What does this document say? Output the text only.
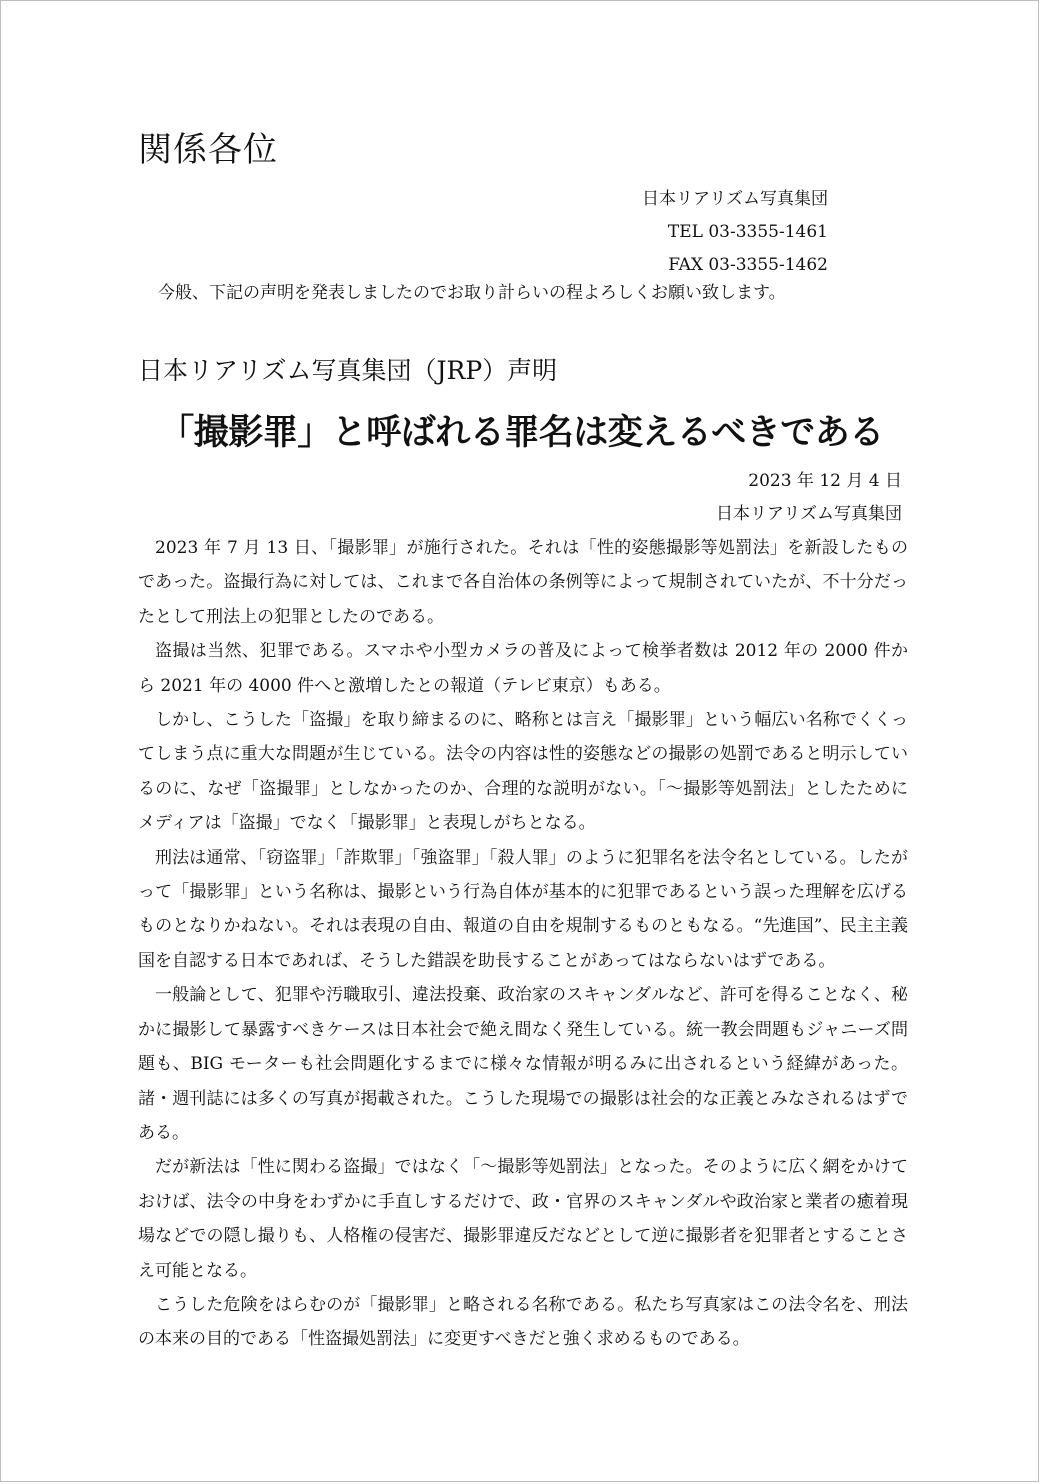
関係各位
日本リアリズム写真集団
TEL 03-3355-1461
FAX 03-3355-1462
今般、下記の声明を発表しましたのでお取り計らいの程よろしくお願い致します。
日本リアリズム写真集団（JRP）声明
「撮影罪」と呼ばれる罪名は変えるべきである
2023 年 12 月 4 日
日本リアリズム写真集団

2023 年 7 月 13 日、「撮影罪」が施行された。それは「性的姿態撮影等処罰法」を新設したものであった。盗撮行為に対しては、これまで各自治体の条例等によって規制されていたが、不十分だったとして刑法上の犯罪としたのである。

盗撮は当然、犯罪である。スマホや小型カメラの普及によって検挙者数は 2012 年の 2000 件から 2021 年の 4000 件へと激増したとの報道（テレビ東京）もある。

しかし、こうした「盗撮」を取り締まるのに、略称とは言え「撮影罪」という幅広い名称でくくってしまう点に重大な問題が生じている。法令の内容は性的姿態などの撮影の処罰であると明示しているのに、なぜ「盗撮罪」としなかったのか、合理的な説明がない。「～撮影等処罰法」としたためにメディアは「盗撮」でなく「撮影罪」と表現しがちとなる。

刑法は通常、「窃盗罪」「詐欺罪」「強盗罪」「殺人罪」のように犯罪名を法令名としている。したがって「撮影罪」という名称は、撮影という行為自体が基本的に犯罪であるという誤った理解を広げるものとなりかねない。それは表現の自由、報道の自由を規制するものともなる。“先進国”、民主主義国を自認する日本であれば、そうした錯誤を助長することがあってはならないはずである。

一般論として、犯罪や汚職取引、違法投棄、政治家のスキャンダルなど、許可を得ることなく、秘かに撮影して暴露すべきケースは日本社会で絶え間なく発生している。統一教会問題もジャニーズ問題も、BIG モーターも社会問題化するまでに様々な情報が明るみに出されるという経緯があった。諸・週刊誌には多くの写真が掲載された。こうした現場での撮影は社会的な正義とみなされるはずである。

だが新法は「性に関わる盗撮」ではなく「～撮影等処罰法」となった。そのように広く網をかけておけば、法令の中身をわずかに手直しするだけで、政・官界のスキャンダルや政治家と業者の癒着現場などでの隠し撮りも、人格権の侵害だ、撮影罪違反だなどとして逆に撮影者を犯罪者とすることさえ可能となる。

こうした危険をはらむのが「撮影罪」と略される名称である。私たち写真家はこの法令名を、刑法の本来の目的である「性盗撮処罰法」に変更すべきだと強く求めるものである。
